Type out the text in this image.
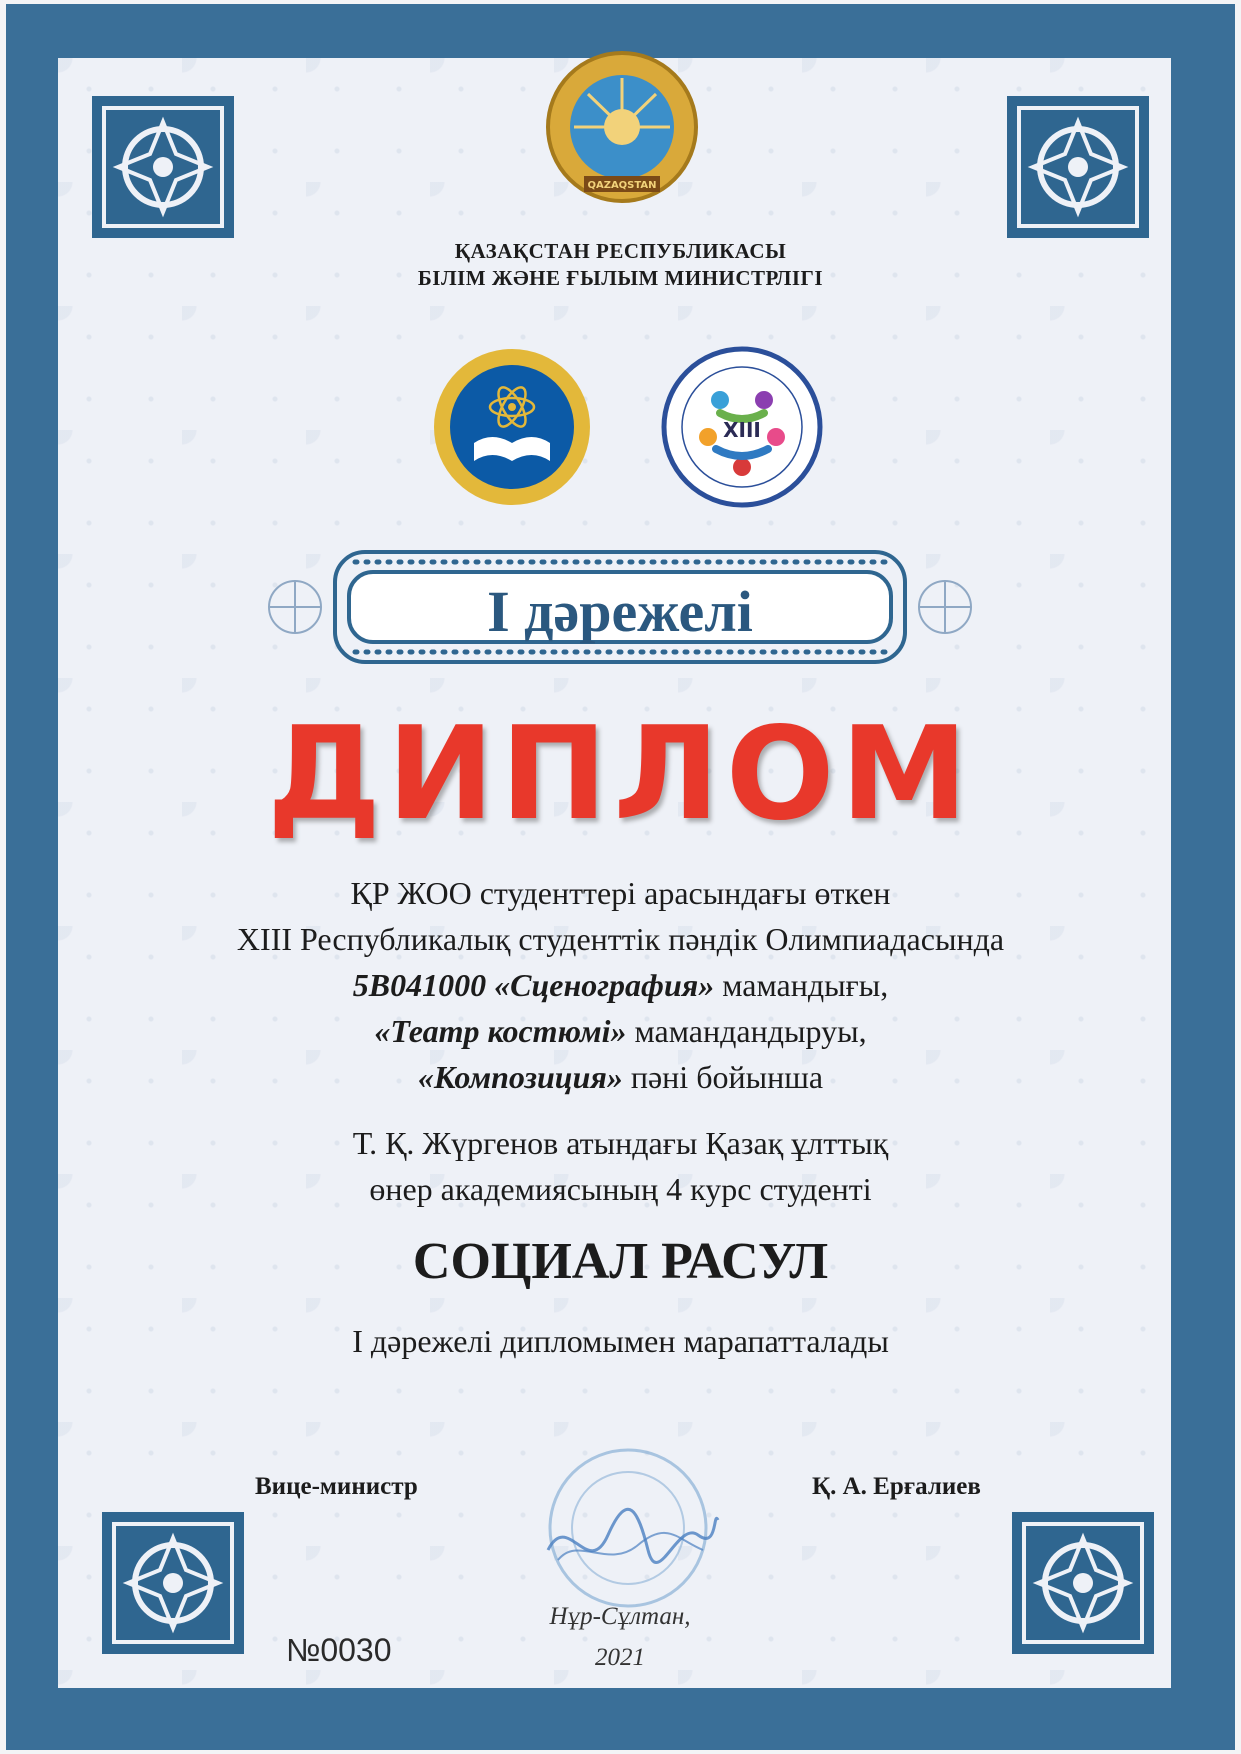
QAZAQSTAN
ҚАЗАҚСТАН РЕСПУБЛИКАСЫ
БІЛІМ ЖӘНЕ ҒЫЛЫМ МИНИСТРЛІГІ
XIII
I дәрежелі
ДИПЛОМ
ҚР ЖОО студенттері арасындағы өткен
XIII Республикалық студенттік пәндік Олимпиадасында
5B041000 «Сценография» мамандығы,
«Театр костюмі» мамандандыруы,
«Композиция» пәні бойынша
Т. Қ. Жүргенов атындағы Қазақ ұлттық
өнер академиясының 4 курс студенті
СОЦИАЛ РАСУЛ
I дәрежелі дипломымен марапатталады
Вице-министр	Қ. А. Ерғалиев
№0030
Нұр-Сұлтан,
2021
